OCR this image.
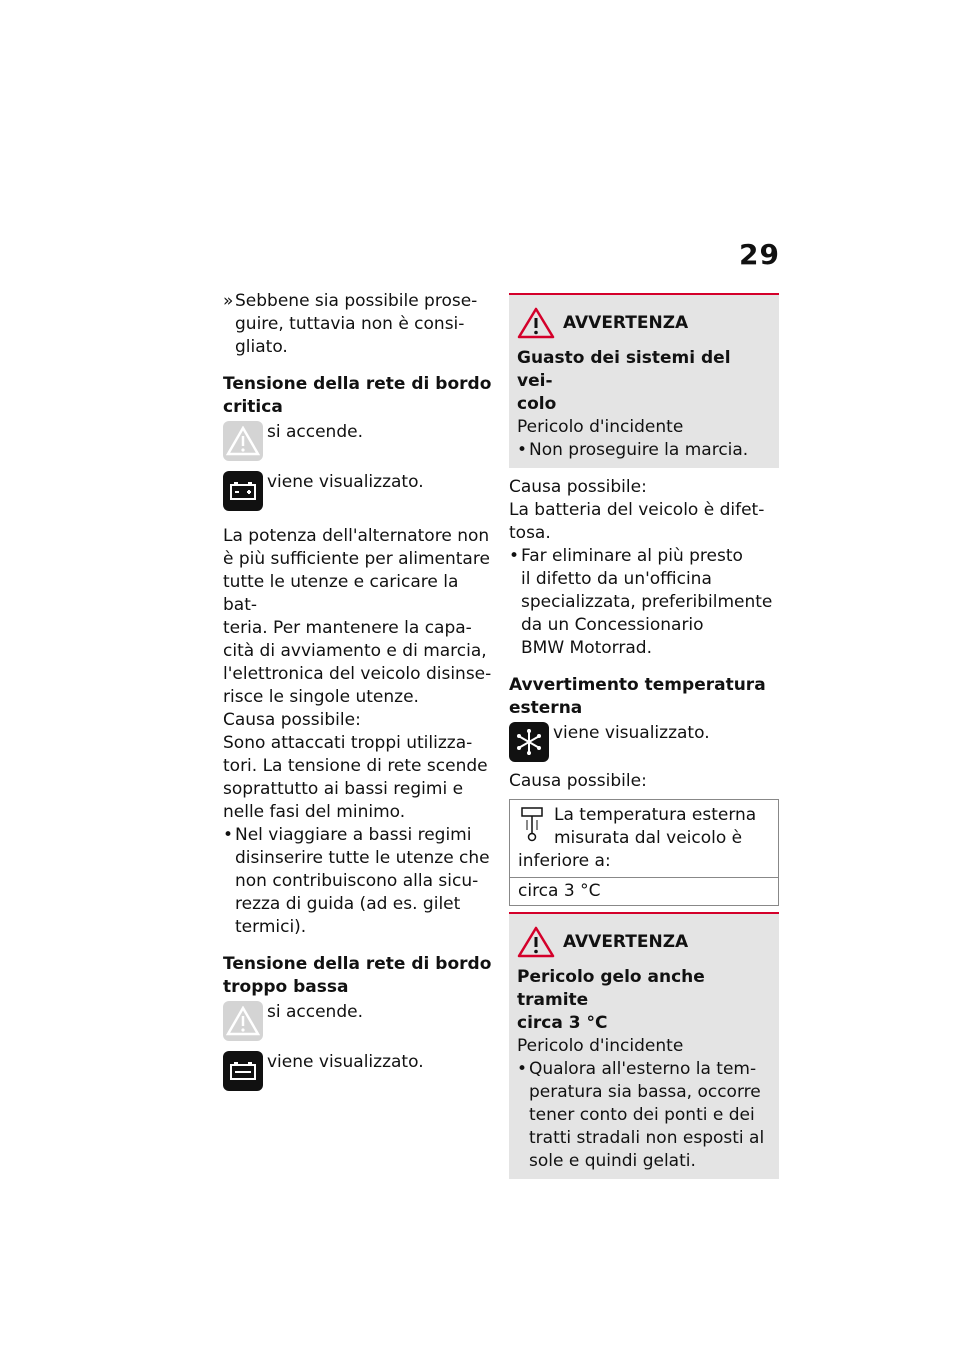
29
» Sebbene sia possibile prose-

guire, tuttavia non è consi-

gliato.

Tensione della rete di bordo

critica

si accende.
viene visualizzato.

La potenza dell'alternatore non

è più sufficiente per alimentare

tutte le utenze e caricare la bat-

teria. Per mantenere la capa-

cità di avviamento e di marcia,

l'elettronica del veicolo disinse-

risce le singole utenze.

Causa possibile:

Sono attaccati troppi utilizza-

tori. La tensione di rete scende

soprattutto ai bassi regimi e

nelle fasi del minimo.

• Nel viaggiare a bassi regimi

disinserire tutte le utenze che

non contribuiscono alla sicu-

rezza di guida (ad es. gilet

termici).

Tensione della rete di bordo

troppo bassa

si accende.
viene visualizzato.
AVVERTENZA

Guasto dei sistemi del vei-

colo

Pericolo d'incidente

• Non proseguire la marcia.

Causa possibile:

La batteria del veicolo è difet-

tosa.

• Far eliminare al più presto

il difetto da un'officina

specializzata, preferibilmente

da un Concessionario

BMW Motorrad.

Avvertimento temperatura

esterna

viene visualizzato.

Causa possibile:

La temperatura esterna

misurata dal veicolo è

inferiore a:

circa 3 °C
AVVERTENZA

Pericolo gelo anche tramite

circa 3 °C

Pericolo d'incidente

• Qualora all'esterno la tem-

peratura sia bassa, occorre

tener conto dei ponti e dei

tratti stradali non esposti al

sole e quindi gelati.
